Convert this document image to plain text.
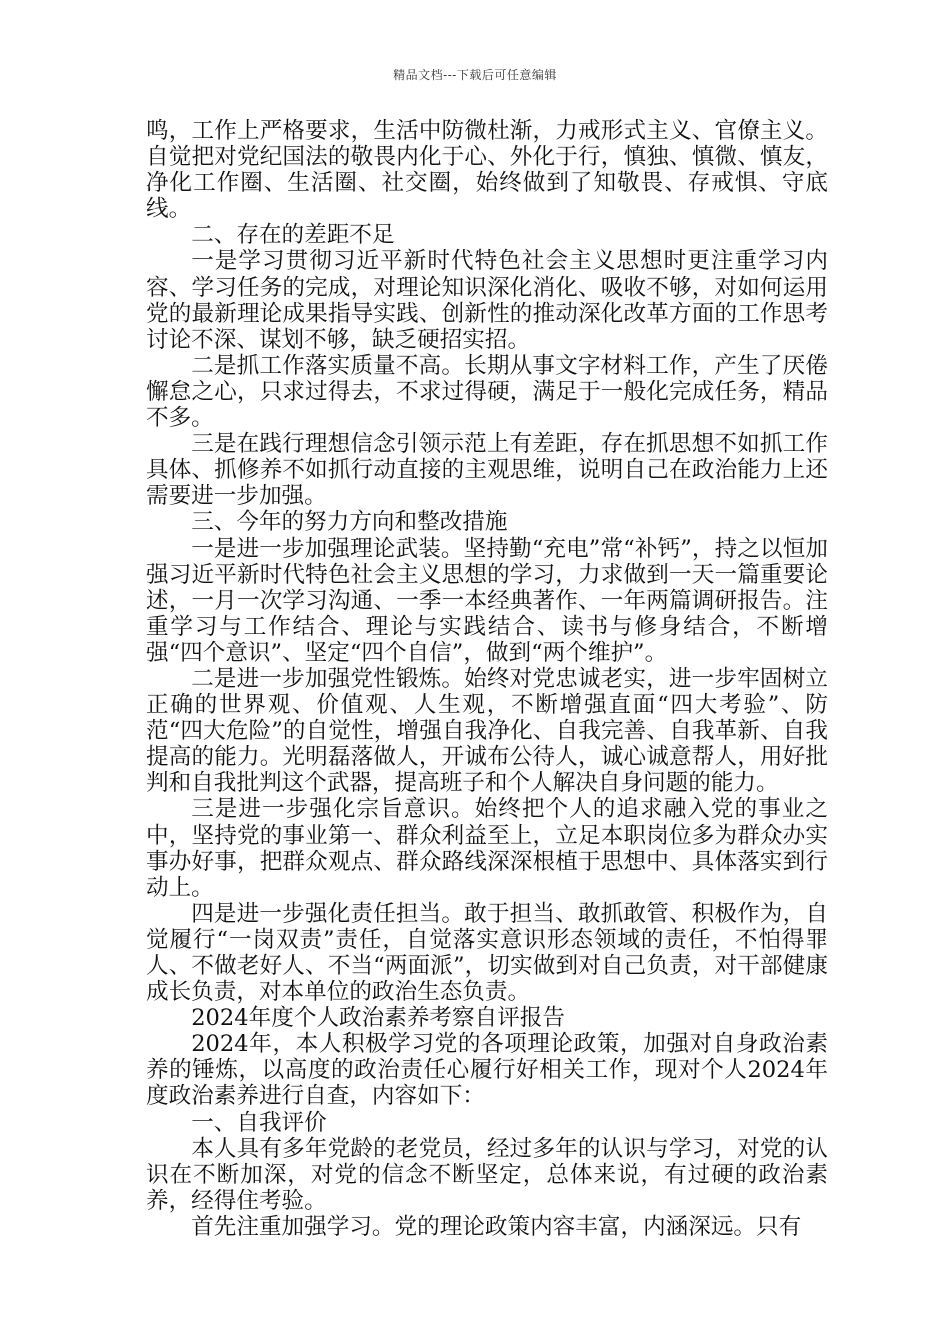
精品文档---下载后可任意编辑

鸣，工作上严格要求，生活中防微杜渐，力戒形式主义、官僚主义。自觉把对党纪国法的敬畏内化于心、外化于行，慎独、慎微、慎友，净化工作圈、生活圈、社交圈，始终做到了知敬畏、存戒惧、守底线。

二、存在的差距不足

一是学习贯彻习近平新时代特色社会主义思想时更注重学习内容、学习任务的完成，对理论知识深化消化、吸收不够，对如何运用党的最新理论成果指导实践、创新性的推动深化改革方面的工作思考讨论不深、谋划不够，缺乏硬招实招。

二是抓工作落实质量不高。长期从事文字材料工作，产生了厌倦懈怠之心，只求过得去，不求过得硬，满足于一般化完成任务，精品不多。

三是在践行理想信念引领示范上有差距，存在抓思想不如抓工作具体、抓修养不如抓行动直接的主观思维，说明自己在政治能力上还需要进一步加强。

三、今年的努力方向和整改措施

一是进一步加强理论武装。坚持勤“充电”常“补钙”，持之以恒加强习近平新时代特色社会主义思想的学习，力求做到一天一篇重要论述，一月一次学习沟通、一季一本经典著作、一年两篇调研报告。注重学习与工作结合、理论与实践结合、读书与修身结合，不断增强“四个意识”、坚定“四个自信”，做到“两个维护”。

二是进一步加强党性锻炼。始终对党忠诚老实，进一步牢固树立正确的世界观、价值观、人生观，不断增强直面“四大考验”、防范“四大危险”的自觉性，增强自我净化、自我完善、自我革新、自我提高的能力。光明磊落做人，开诚布公待人，诚心诚意帮人，用好批判和自我批判这个武器，提高班子和个人解决自身问题的能力。

三是进一步强化宗旨意识。始终把个人的追求融入党的事业之中，坚持党的事业第一、群众利益至上，立足本职岗位多为群众办实事办好事，把群众观点、群众路线深深根植于思想中、具体落实到行动上。

四是进一步强化责任担当。敢于担当、敢抓敢管、积极作为，自觉履行“一岗双责”责任，自觉落实意识形态领域的责任，不怕得罪人、不做老好人、不当“两面派”，切实做到对自己负责，对干部健康成长负责，对本单位的政治生态负责。

2024年度个人政治素养考察自评报告

2024年，本人积极学习党的各项理论政策，加强对自身政治素养的锤炼，以高度的政治责任心履行好相关工作，现对个人2024年度政治素养进行自查，内容如下：

一、自我评价

本人具有多年党龄的老党员，经过多年的认识与学习，对党的认识在不断加深，对党的信念不断坚定，总体来说，有过硬的政治素养，经得住考验。

首先注重加强学习。党的理论政策内容丰富，内涵深远。只有
